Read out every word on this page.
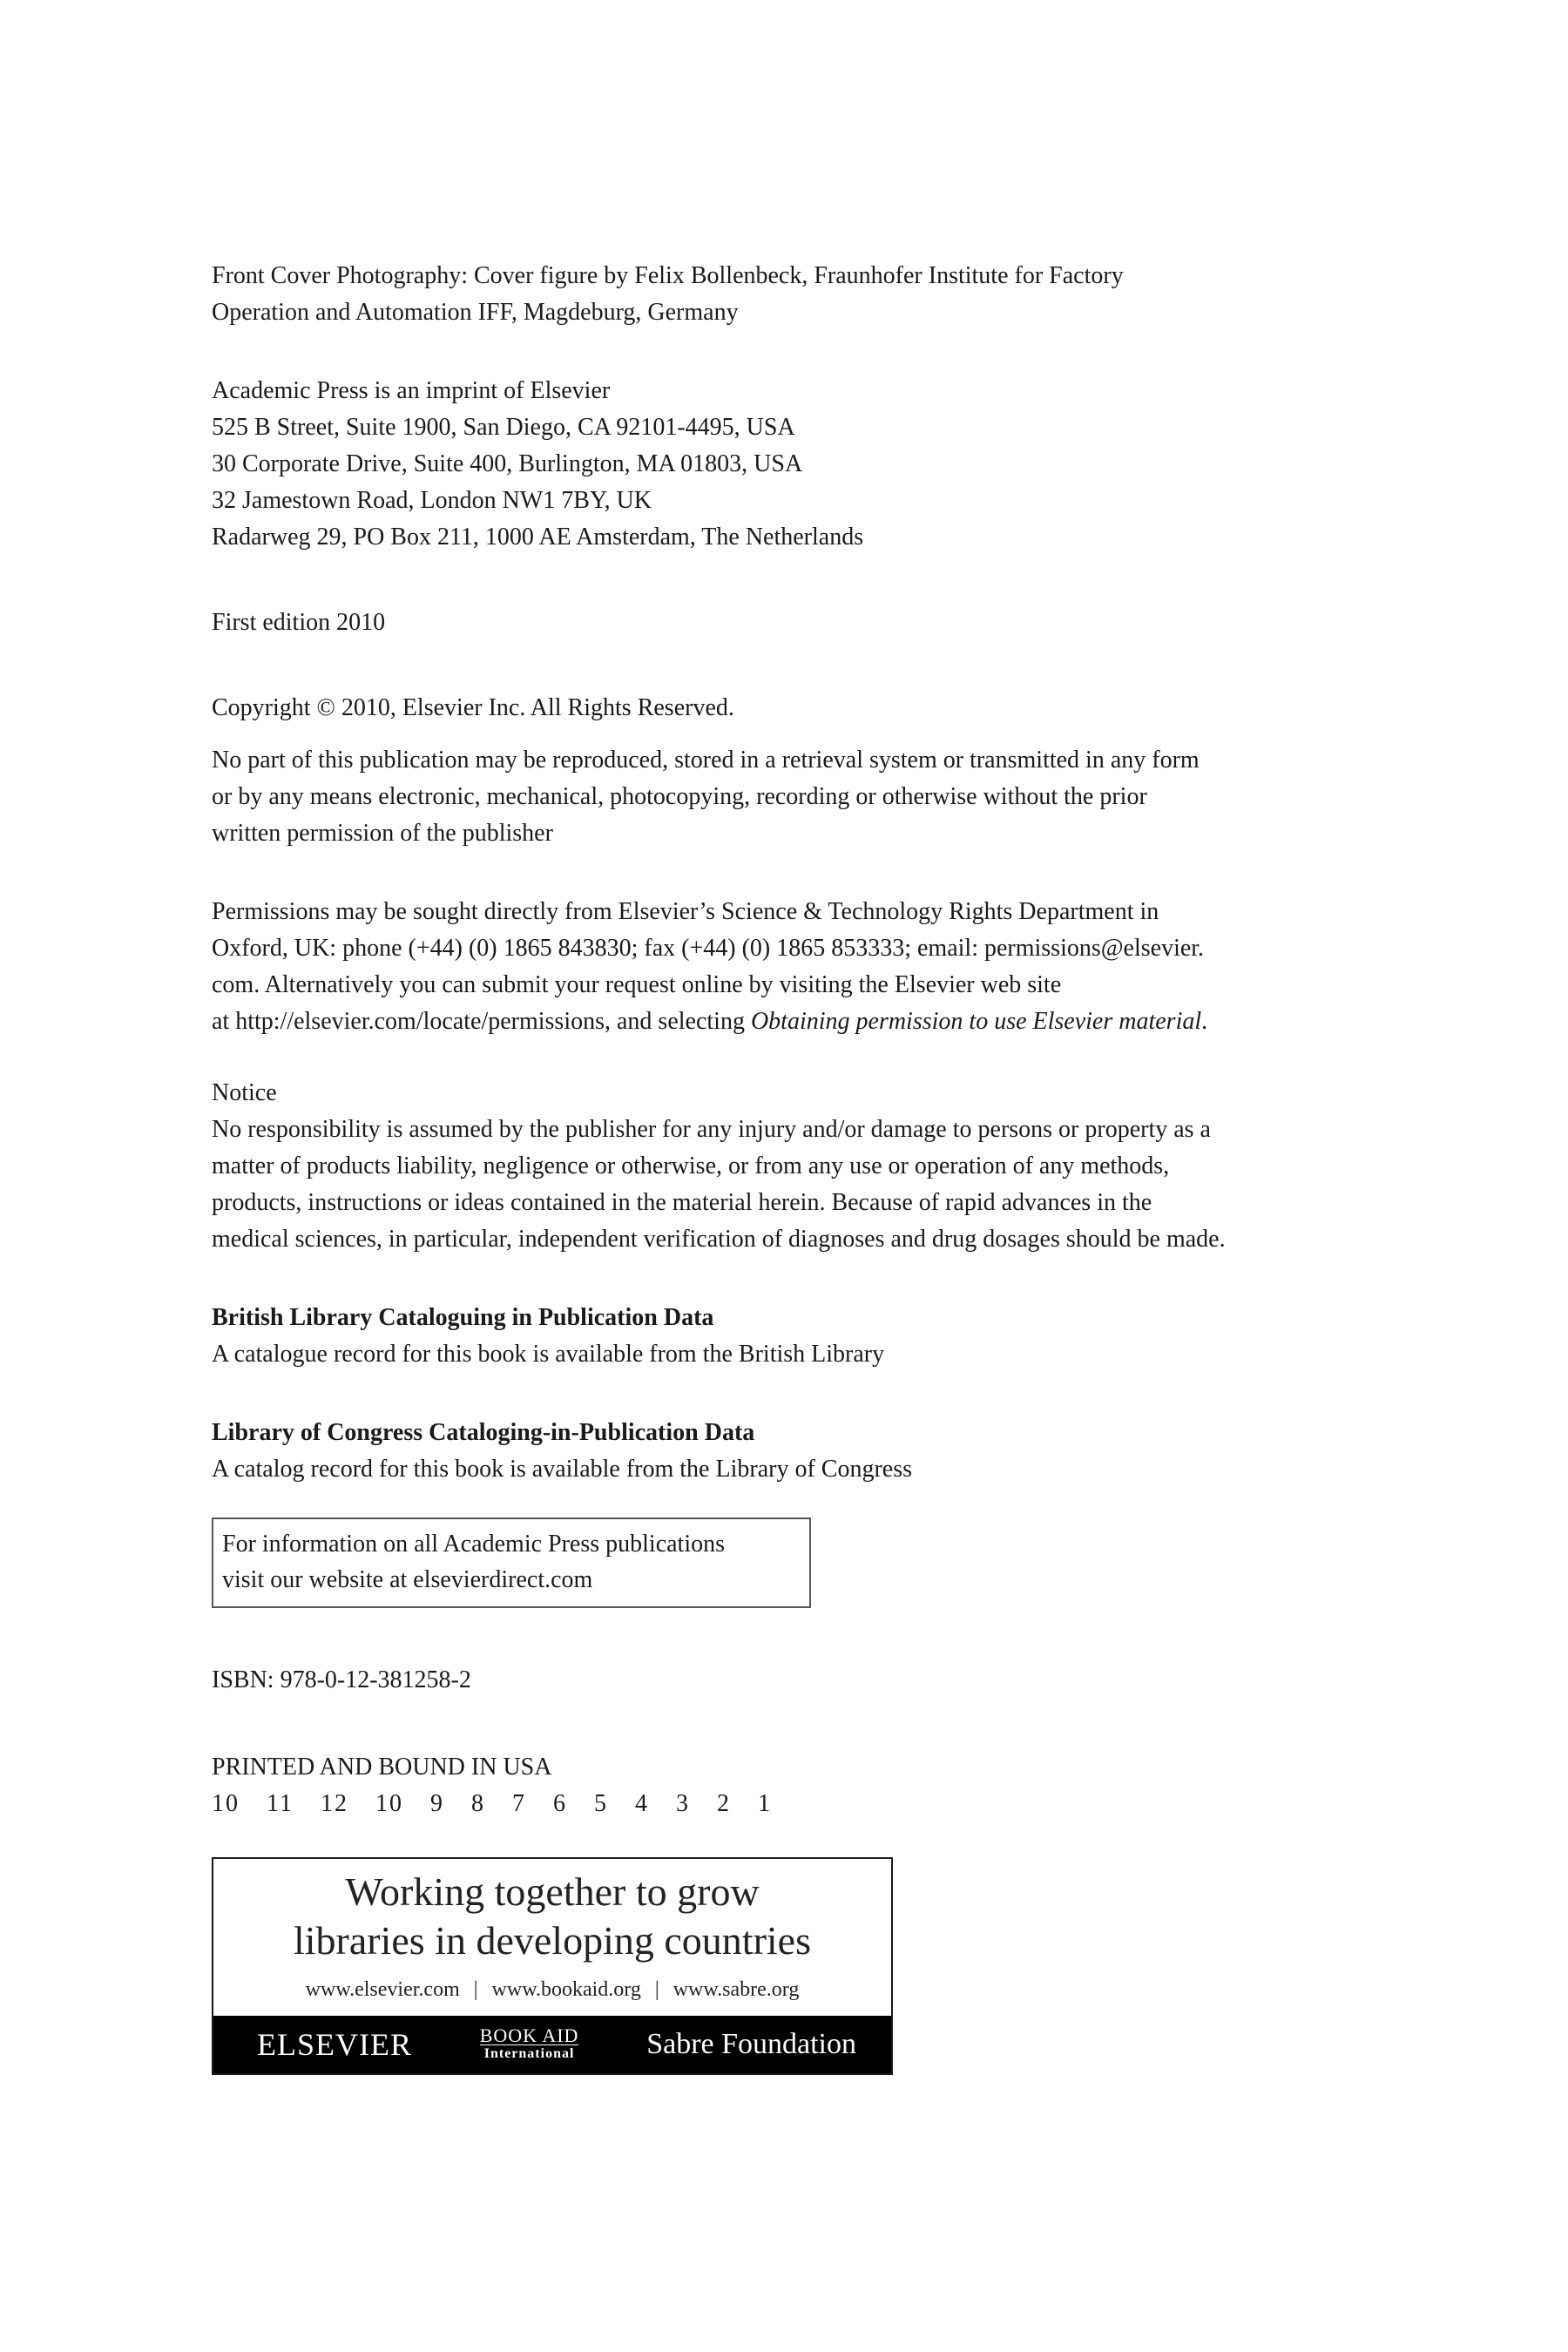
Front Cover Photography: Cover figure by Felix Bollenbeck, Fraunhofer Institute for Factory
Operation and Automation IFF, Magdeburg, Germany

Academic Press is an imprint of Elsevier
525 B Street, Suite 1900, San Diego, CA 92101-4495, USA
30 Corporate Drive, Suite 400, Burlington, MA 01803, USA
32 Jamestown Road, London NW1 7BY, UK
Radarweg 29, PO Box 211, 1000 AE Amsterdam, The Netherlands

First edition 2010

Copyright © 2010, Elsevier Inc. All Rights Reserved.

No part of this publication may be reproduced, stored in a retrieval system or transmitted in any form
or by any means electronic, mechanical, photocopying, recording or otherwise without the prior
written permission of the publisher

Permissions may be sought directly from Elsevier’s Science & Technology Rights Department in
Oxford, UK: phone (+44) (0) 1865 843830; fax (+44) (0) 1865 853333; email: permissions@elsevier.
com. Alternatively you can submit your request online by visiting the Elsevier web site
at http://elsevier.com/locate/permissions, and selecting Obtaining permission to use Elsevier material.

Notice
No responsibility is assumed by the publisher for any injury and/or damage to persons or property as a
matter of products liability, negligence or otherwise, or from any use or operation of any methods,
products, instructions or ideas contained in the material herein. Because of rapid advances in the
medical sciences, in particular, independent verification of diagnoses and drug dosages should be made.

British Library Cataloguing in Publication Data
A catalogue record for this book is available from the British Library

Library of Congress Cataloging-in-Publication Data
A catalog record for this book is available from the Library of Congress

For information on all Academic Press publications
visit our website at elsevierdirect.com

ISBN: 978-0-12-381258-2

PRINTED AND BOUND IN USA
10 11 12 10 9 8 7 6 5 4 3 2 1

Working together to grow
libraries in developing countries
www.elsevier.com | www.bookaid.org | www.sabre.org
ELSEVIER	BOOK AID
International Sabre Foundation
